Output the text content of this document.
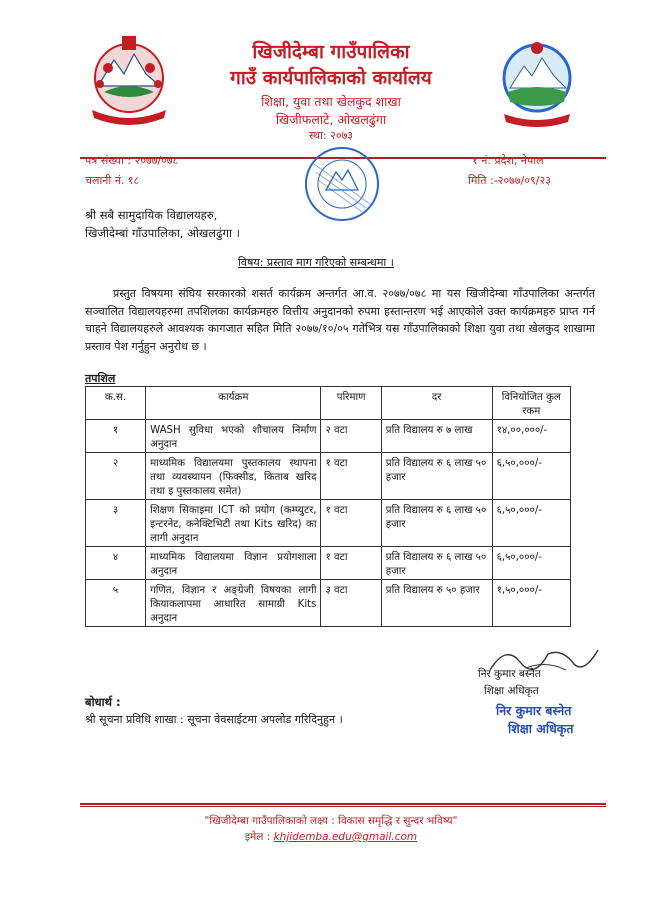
खिजीदेम्बा गाउँपालिका
गाउँ कार्यपालिकाको कार्यालय
शिक्षा, युवा तथा खेलकुद शाखा
खिजीफलाटे, ओखलढुंगा
स्था: २०७३
पत्र संख्या : २०७७/०७८
चलानी नं. १८
१ नं. प्रदेश, नेपाल
मिति :-२०७७/०९/२३
श्री सबै सामुदायिक विद्यालयहरु,
खिजीदेम्बां गाँउपालिका, ओखलढुंगा ।
विषय: प्रस्ताव माग गरिएको सम्बन्धमा ।
प्रस्तुत विषयमा संघिय सरकारको शसर्त कार्यक्रम अन्तर्गत आ.व. २०७७/०७८ मा यस खिजीदेम्बा गाँउपालिका अन्तर्गत सञ्चालित विद्यालयहरुमा तपशिलका कार्यक्रमहरु वित्तीय अनुदानको रुपमा हस्तान्तरण भई आएकोले उक्त कार्यक्रमहरु प्राप्त गर्न चाहने विद्यालयहरुले आवश्यक कागजात सहित मिति २०७७/१०/०५ गतेभित्र यस गाँउपालिकाको शिक्षा युवा तथा खेलकुद शाखामा प्रस्ताव पेश गर्नुहुन अनुरोध छ ।
तपशिल
क.स.	कार्यक्रम	परिमाण	दर	विनियोजित कुल रकम
१	WASH सुविधा भएको शौचालय निर्माण अनुदान	२ वटा	प्रति विद्यालय रु ७ लाख	१४,००,०००/-
२	माध्यमिक विद्यालयमा पुस्तकालय स्थापना तथा व्यवस्थापन (फिक्सीड, किताब खरिद तथा इ पुस्तकालय समेत)	१ वटा	प्रति विद्यालय रु ६ लाख ५० हजार	६,५०,०००/-
३	शिक्षण सिकाइमा ICT को प्रयोग (कम्प्युटर, इन्टरनेट, कनेक्टिभिटी तथा Kits खरिद) का लागी अनुदान	१ वटा	प्रति विद्यालय रु ६ लाख ५० हजार	६,५०,०००/-
४	माध्यमिक विद्यालयमा विज्ञान प्रयोगशाला अनुदान	१ वटा	प्रति विद्यालय रु ६ लाख ५० हजार	६,५०,०००/-
५	गणित, विज्ञान र अङ्ग्रेजी विषयका लागी कियाकलापमा आधारित सामाग्री Kits अनुदान	३ वटा	प्रति विद्यालय रु ५० हजार	१,५०,०००/-
निर कुमार बस्नेत
शिक्षा अधिकृत
निर कुमार बस्नेत
शिक्षा अधिकृत
बोधार्थ :
श्री सूचना प्रविधि शाखा : सूचना वेवसाईटमा अपलोड गरिदिनुहुन ।
"खिजीदेम्बा गाउँपालिकाको लक्ष्य : विकास समृद्धि र सुन्दर भविष्य"
इमेल : khjidemba.edu@gmail.com
